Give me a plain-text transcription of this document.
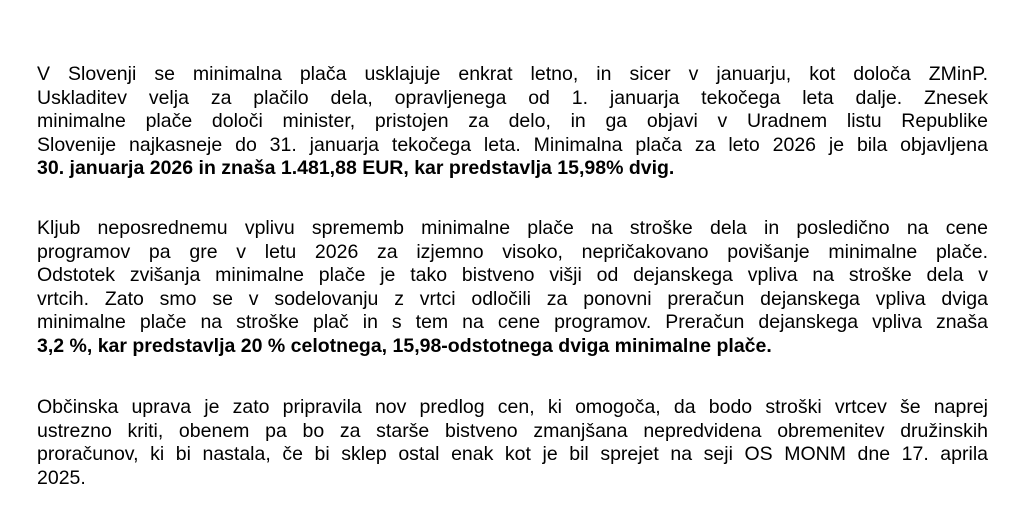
V Slovenji se minimalna plača usklajuje enkrat letno, in sicer v januarju, kot določa ZMinP.
Uskladitev velja za plačilo dela, opravljenega od 1. januarja tekočega leta dalje. Znesek
minimalne plače določi minister, pristojen za delo, in ga objavi v Uradnem listu Republike
Slovenije najkasneje do 31. januarja tekočega leta. Minimalna plača za leto 2026 je bila objavljena
30. januarja 2026 in znaša 1.481,88 EUR, kar predstavlja 15,98% dvig.
Kljub neposrednemu vplivu sprememb minimalne plače na stroške dela in posledično na cene
programov pa gre v letu 2026 za izjemno visoko, nepričakovano povišanje minimalne plače.
Odstotek zvišanja minimalne plače je tako bistveno višji od dejanskega vpliva na stroške dela v
vrtcih. Zato smo se v sodelovanju z vrtci odločili za ponovni preračun dejanskega vpliva dviga
minimalne plače na stroške plač in s tem na cene programov. Preračun dejanskega vpliva znaša
3,2 %, kar predstavlja 20 % celotnega, 15,98-odstotnega dviga minimalne plače.
Občinska uprava je zato pripravila nov predlog cen, ki omogoča, da bodo stroški vrtcev še naprej
ustrezno kriti, obenem pa bo za starše bistveno zmanjšana nepredvidena obremenitev družinskih
proračunov, ki bi nastala, če bi sklep ostal enak kot je bil sprejet na seji OS MONM dne 17. aprila
2025.
